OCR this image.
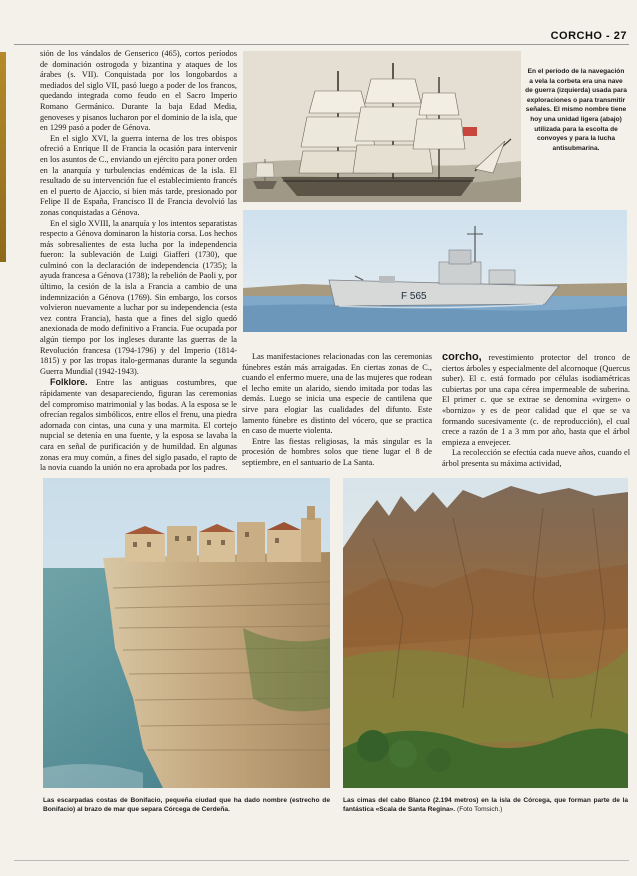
CORCHO - 27

sión de los vándalos de Genserico (465), cortos períodos de dominación ostrogoda y bizantina y ataques de los árabes (s. VII). Conquistada por los longobardos a mediados del siglo VII, pasó luego a poder de los francos, quedando integrada como feudo en el Sacro Imperio Romano Germánico. Durante la baja Edad Media, genoveses y pisanos lucharon por el dominio de la isla, que en 1299 pasó a poder de Génova.

En el siglo XVI, la guerra interna de los tres obispos ofreció a Enrique II de Francia la ocasión para intervenir en los asuntos de C., enviando un ejército para poner orden en la anarquía y turbulencias endémicas de la isla. El resultado de su intervención fue el establecimiento francés en el puerto de Ajaccio, si bien más tarde, presionado por Felipe II de España, Francisco II de Francia devolvió las zonas conquistadas a Génova.

En el siglo XVIII, la anarquía y los intentos separatistas respecto a Génova dominaron la historia corsa. Los hechos más sobresalientes de esta lucha por la independencia fueron: la sublevación de Luigi Giafferi (1730), que culminó con la declaración de independencia (1735); la ayuda francesa a Génova (1738); la rebelión de Paoli y, por último, la cesión de la isla a Francia a cambio de una indemnización a Génova (1769). Sin embargo, los corsos volvieron nuevamente a luchar por su independencia (esta vez contra Francia), hasta que a fines del siglo quedó anexionada de modo definitivo a Francia. Fue ocupada por algún tiempo por los ingleses durante las guerras de la Revolución francesa (1794-1796) y del Imperio (1814-1815) y por las tropas italo-germanas durante la segunda Guerra Mundial (1942-1943).

Folklore. Entre las antiguas costumbres, que rápidamente van desapareciendo, figuran las ceremonias del compromiso matrimonial y las bodas. A la esposa se le ofrecían regalos simbólicos, entre ellos el frenu, una piedra adornada con cintas, una cuna y una marmita. El cortejo nupcial se detenía en una fuente, y la esposa se lavaba la cara en señal de purificación y de humildad. En algunas zonas era muy común, a fines del siglo pasado, el rapto de la novia cuando la unión no era aprobada por los padres.

En el período de la navegación a vela la corbeta era una nave de guerra (izquierda) usada para exploraciones o para transmitir señales. El mismo nombre tiene hoy una unidad ligera (abajo) utilizada para la escolta de convoyes y para la lucha antisubmarina.
F 565

Las manifestaciones relacionadas con las ceremonias fúnebres están más arraigadas. En ciertas zonas de C., cuando el enfermo muere, una de las mujeres que rodean el lecho emite un alarido, siendo imitada por todas las demás. Luego se inicia una especie de cantilena que sirve para elogiar las cualidades del difunto. Este lamento fúnebre es distinto del vócero, que se practica en caso de muerte violenta.

Entre las fiestas religiosas, la más singular es la procesión de hombres solos que tiene lugar el 8 de septiembre, en el santuario de La Santa.

corcho, revestimiento protector del tronco de ciertos árboles y especialmente del alcornoque (Quercus suber). El c. está formado por células isodiamétricas cubiertas por una capa cérea impermeable de suberina. El primer c. que se extrae se denomina «virgen» o «bornizo» y es de peor calidad que el que se va formando sucesivamente (c. de reproducción), el cual crece a razón de 1 a 3 mm por año, hasta que el árbol empieza a envejecer.

La recolección se efectúa cada nueve años, cuando el árbol presenta su máxima actividad,

Las escarpadas costas de Bonifacio, pequeña ciudad que ha dado nombre (estrecho de Bonifacio) al brazo de mar que separa Córcega de Cerdeña.
Las cimas del cabo Blanco (2.194 metros) en la isla de Córcega, que forman parte de la fantástica «Scala de Santa Regina». (Foto Tomsich.)
